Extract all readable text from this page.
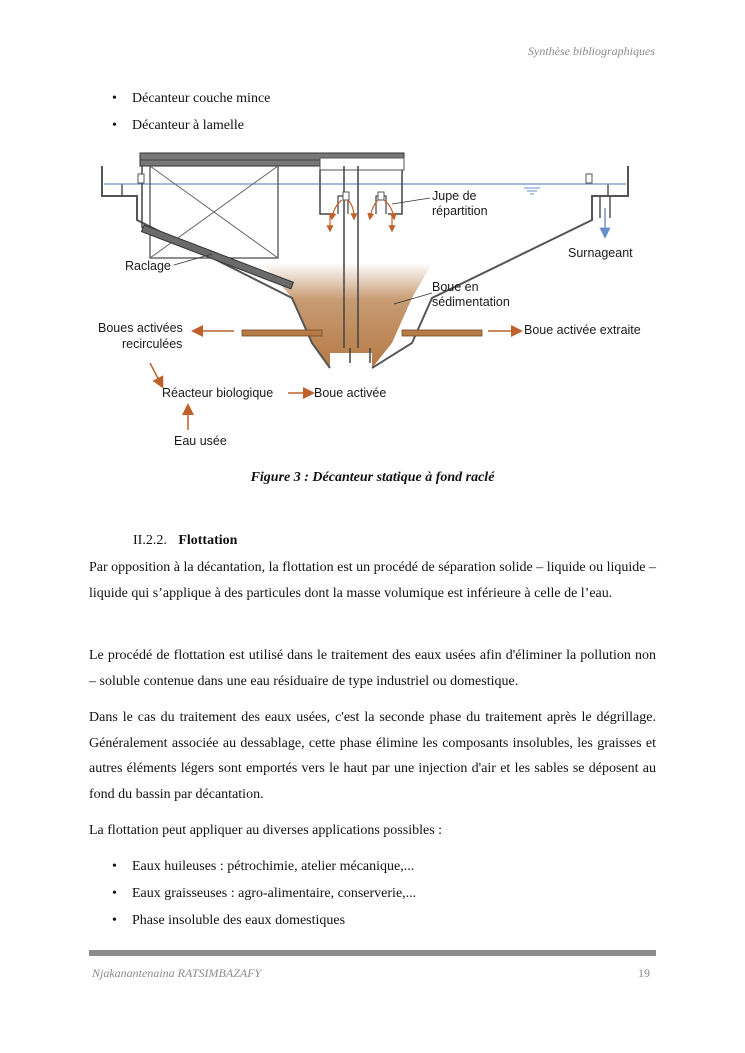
Synthèse bibliographiques
• Décanteur couche mince
• Décanteur à lamelle
Jupe de
répartition
Surnageant
Raclage
Boue en
sédimentation
Boues activées
recirculées
Boue activée extraite
Réacteur biologique	Boue activée
Eau usée
Figure 3 : Décanteur statique à fond raclé
II.2.2. Flottation

Par opposition à la décantation, la flottation est un procédé de séparation solide – liquide ou liquide – liquide qui s’applique à des particules dont la masse volumique est inférieure à celle de l’eau.

Le procédé de flottation est utilisé dans le traitement des eaux usées afin d'éliminer la pollution non – soluble contenue dans une eau résiduaire de type industriel ou domestique.

Dans le cas du traitement des eaux usées, c'est la seconde phase du traitement après le dégrillage. Généralement associée au dessablage, cette phase élimine les composants insolubles, les graisses et autres éléments légers sont emportés vers le haut par une injection d'air et les sables se déposent au fond du bassin par décantation.

La flottation peut appliquer au diverses applications possibles :

• Eaux huileuses : pétrochimie, atelier mécanique,...
• Eaux graisseuses : agro-alimentaire, conserverie,...
• Phase insoluble des eaux domestiques
Njakanantenaina RATSIMBAZAFY	19
